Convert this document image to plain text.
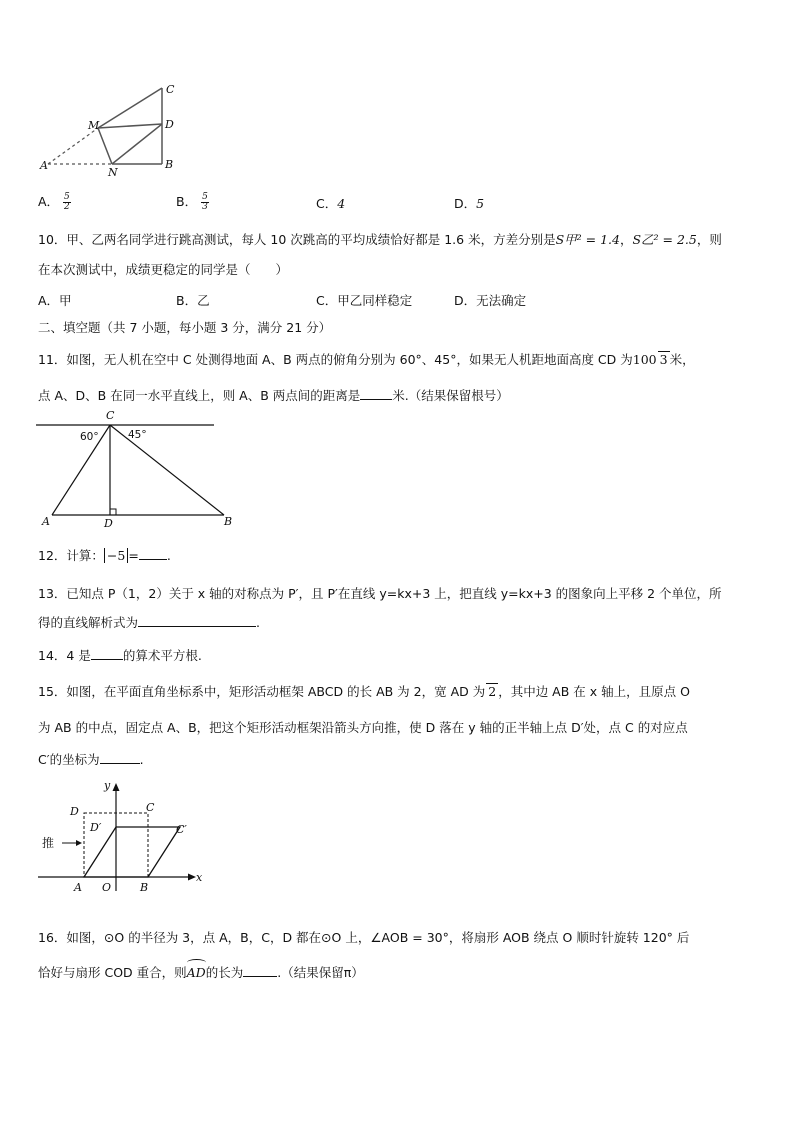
C
M	D
A
N
B
A． $\frac{5}{2}$	B． $\frac{5}{3}$	C．4	D．5
10．甲、乙两名同学进行跳高测试，每人 10 次跳高的平均成绩恰好都是 1.6 米，方差分别是S甲² = 1.4，S乙² = 2.5，则
在本次测试中，成绩更稳定的同学是（　　）
A．甲	B．乙	C．甲乙同样稳定	D．无法确定
二、填空题（共 7 小题，每小题 3 分，满分 21 分）
11．如图，无人机在空中 C 处测得地面 A、B 两点的俯角分别为 60°、45°，如果无人机距地面高度 CD 为100 3 米，
点 A、D、B 在同一水平直线上，则 A、B 两点间的距离是	米.（结果保留根号）
C
60°	45°
A	D	B
12．计算： −5 = .
13．已知点 P（1，2）关于 x 轴的对称点为 P′，且 P′在直线 y=kx+3 上，把直线 y=kx+3 的图象向上平移 2 个单位，所
得的直线解析式为	.
14．4 是	的算术平方根.
15．如图，在平面直角坐标系中，矩形活动框架 ABCD 的长 AB 为 2，宽 AD 为 2 ，其中边 AB 在 x 轴上，且原点 O
为 AB 的中点，固定点 A、B，把这个矩形活动框架沿箭头方向推，使 D 落在 y 轴的正半轴上点 D′处，点 C 的对应点
C′的坐标为	.
y
x
D	C
D′	C′
推
A O	B
16．如图，⊙O 的半径为 3，点 A，B，C，D 都在⊙O 上，∠AOB = 30°，将扇形 AOB 绕点 O 顺时针旋转 120° 后
恰好与扇形 COD 重合，则
AD的长为	.（结果保留π）
